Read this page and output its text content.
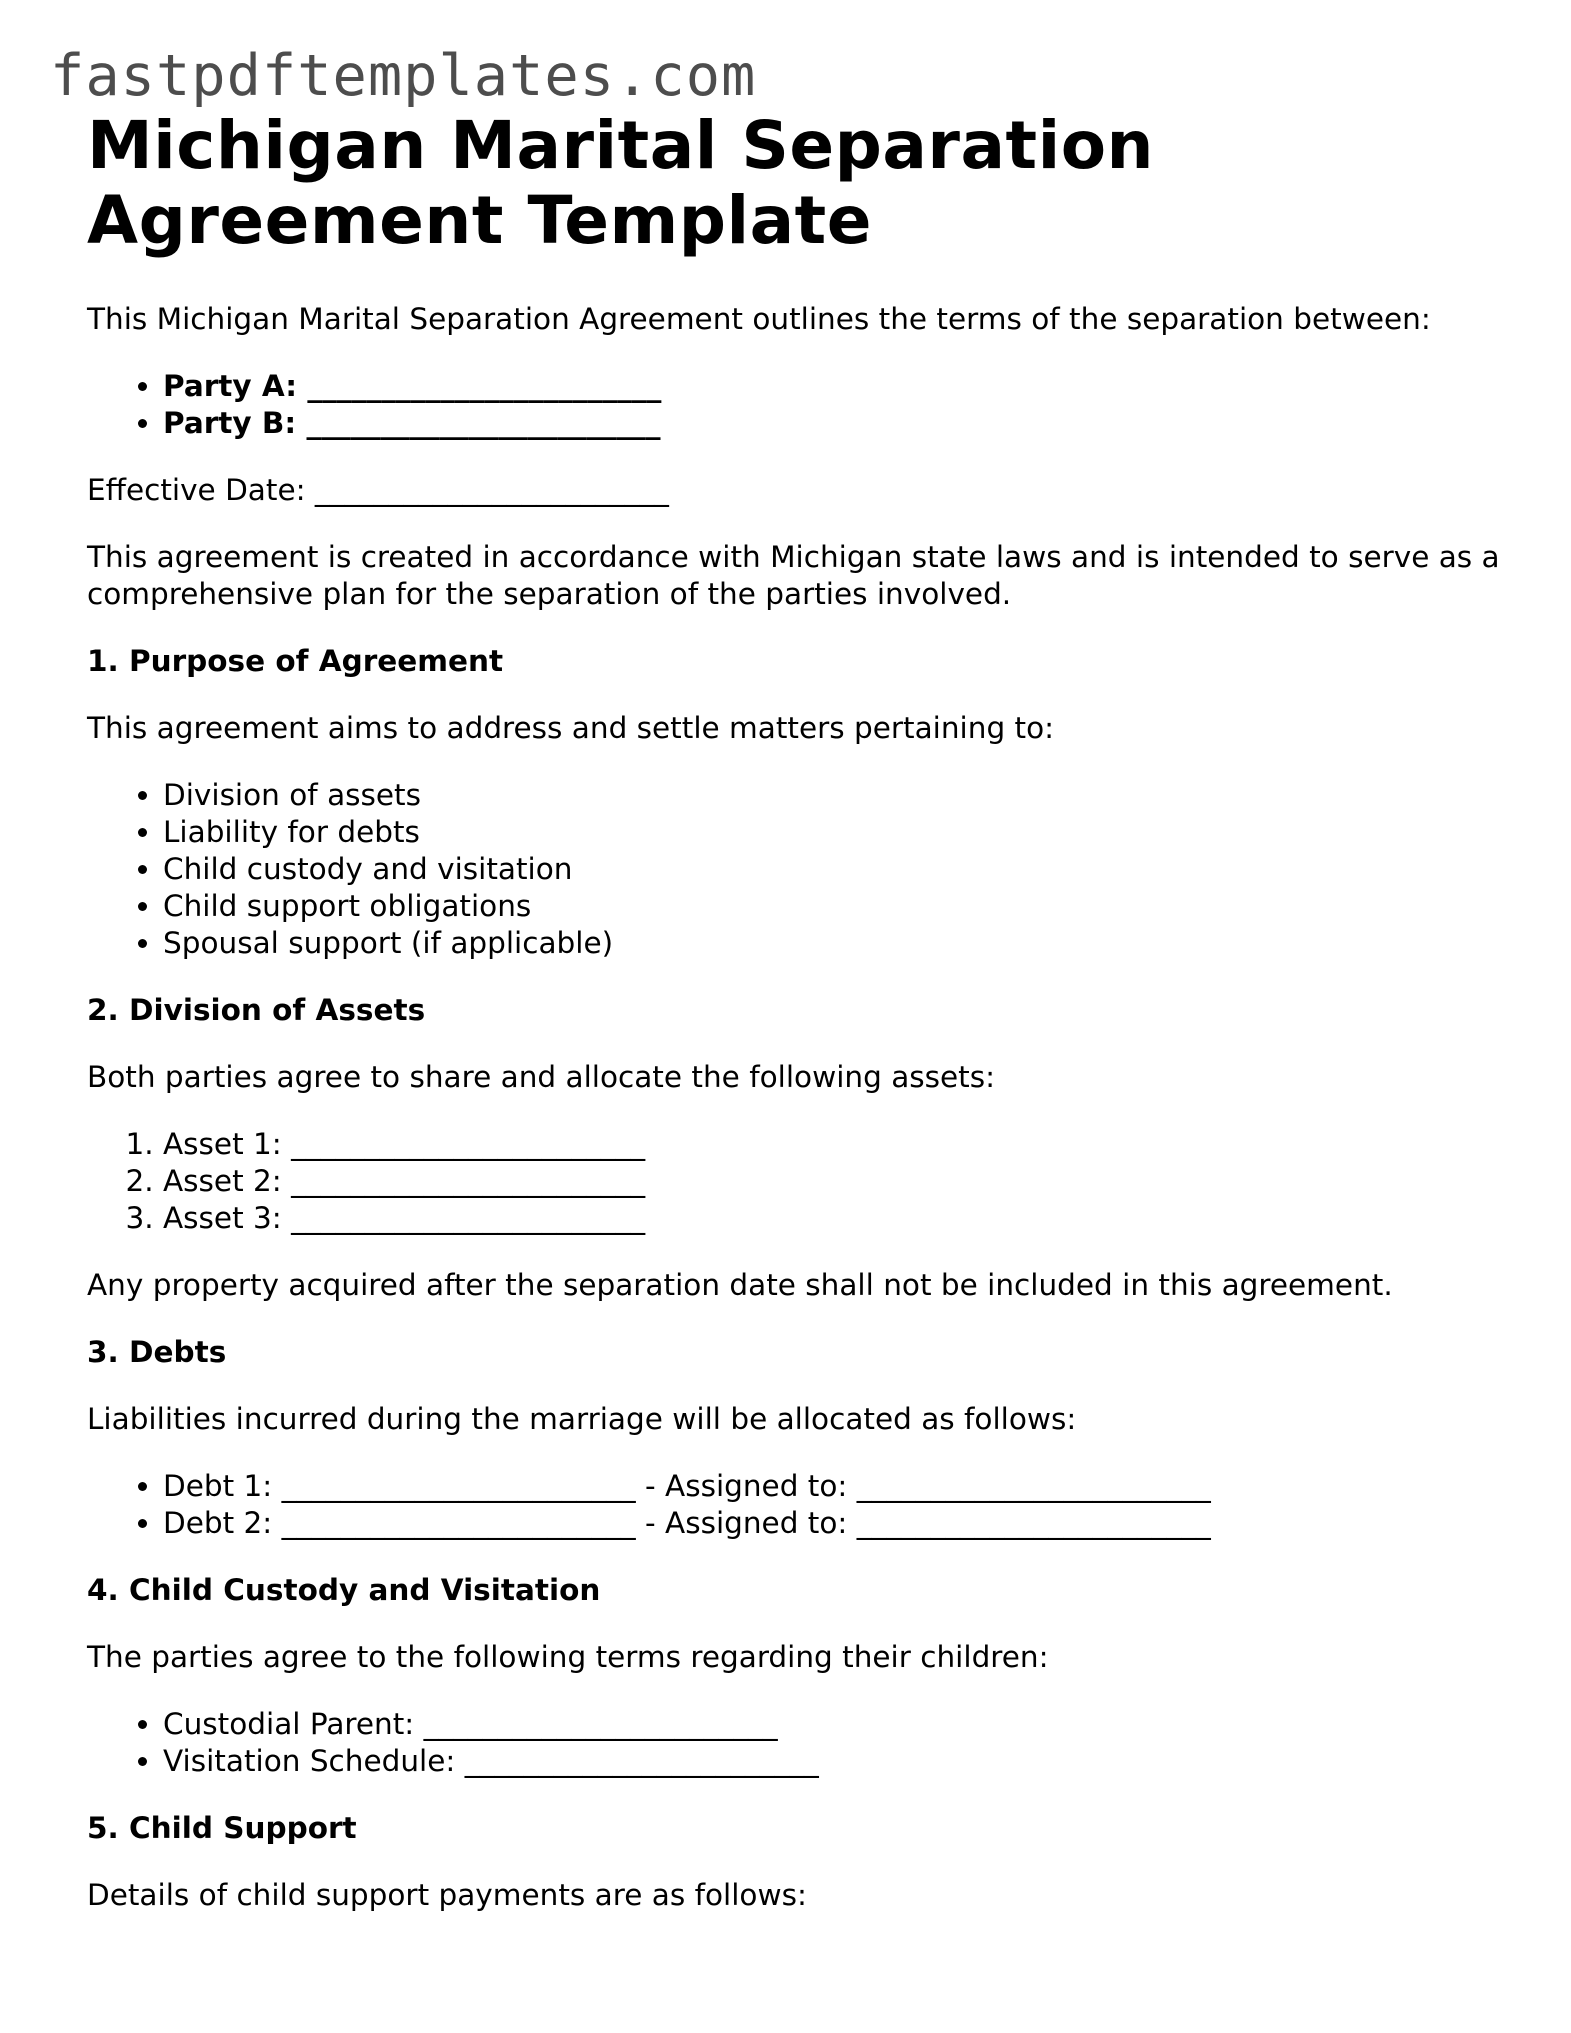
fastpdftemplates.com
Michigan Marital Separation Agreement Template

This Michigan Marital Separation Agreement outlines the terms of the separation between:

• Party A: ________________________
• Party B: ________________________

Effective Date: ________________________

This agreement is created in accordance with Michigan state laws and is intended to serve as a comprehensive plan for the separation of the parties involved.

1. Purpose of Agreement

This agreement aims to address and settle matters pertaining to:

• Division of assets
• Liability for debts
• Child custody and visitation
• Child support obligations
• Spousal support (if applicable)
2. Division of Assets

Both parties agree to share and allocate the following assets:

1. Asset 1: ________________________
2. Asset 2: ________________________
3. Asset 3: ________________________

Any property acquired after the separation date shall not be included in this agreement.

3. Debts

Liabilities incurred during the marriage will be allocated as follows:

• Debt 1: ________________________ - Assigned to: ________________________
• Debt 2: ________________________ - Assigned to: ________________________
4. Child Custody and Visitation

The parties agree to the following terms regarding their children:

• Custodial Parent: ________________________
• Visitation Schedule: ________________________
5. Child Support

Details of child support payments are as follows:
